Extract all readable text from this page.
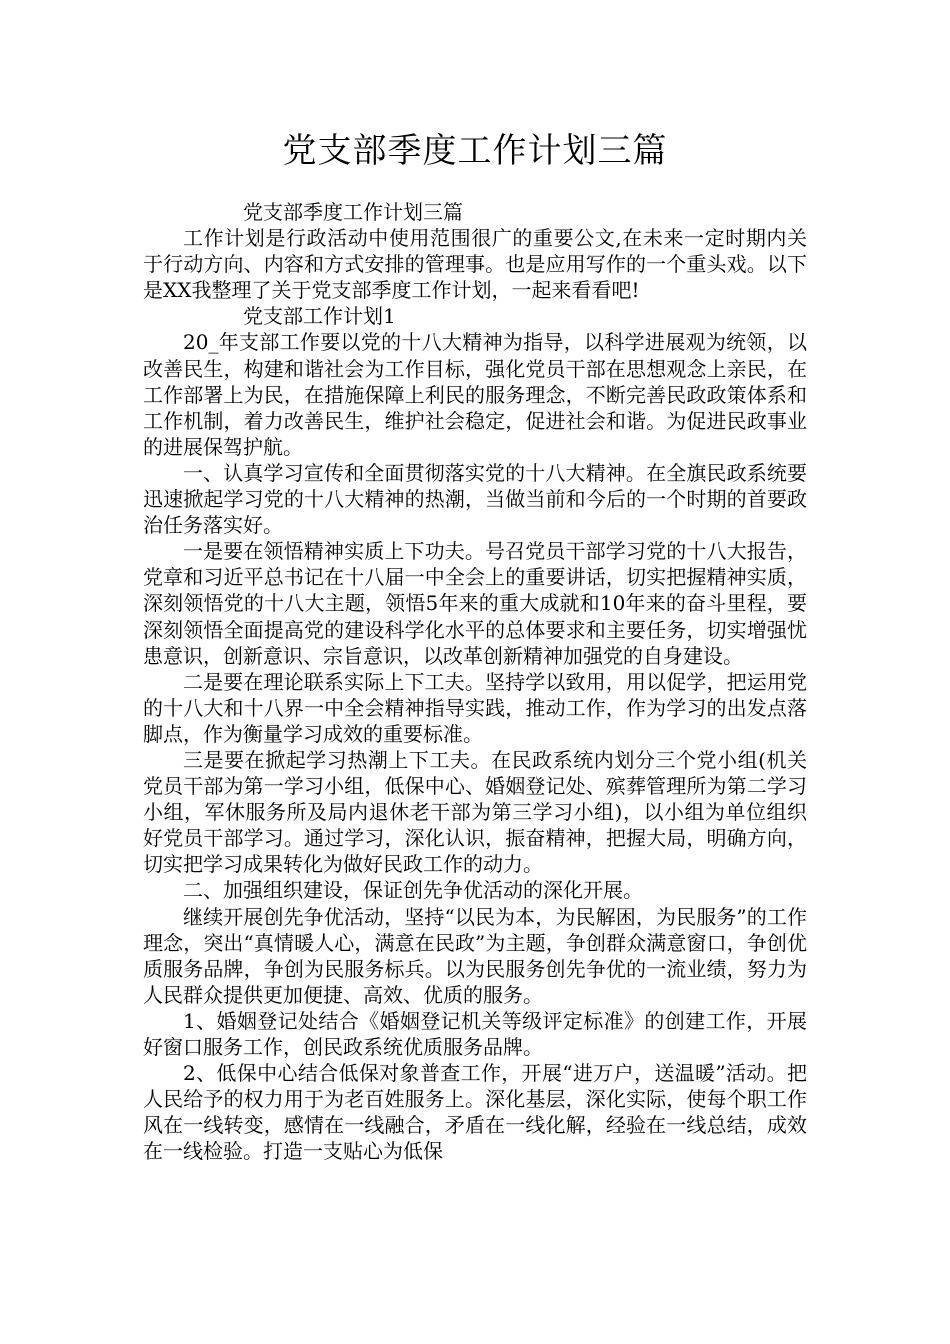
党支部季度工作计划三篇

党支部季度工作计划三篇

工作计划是行政活动中使用范围很广的重要公文,在未来一定时期内关于行动方向、内容和方式安排的管理事。也是应用写作的一个重头戏。以下是XX我整理了关于党支部季度工作计划，一起来看看吧!

党支部工作计划1

20_年支部工作要以党的十八大精神为指导，以科学进展观为统领，以改善民生，构建和谐社会为工作目标，强化党员干部在思想观念上亲民，在工作部署上为民，在措施保障上利民的服务理念，不断完善民政政策体系和工作机制，着力改善民生，维护社会稳定，促进社会和谐。为促进民政事业的进展保驾护航。

一、认真学习宣传和全面贯彻落实党的十八大精神。在全旗民政系统要迅速掀起学习党的十八大精神的热潮，当做当前和今后的一个时期的首要政治任务落实好。

一是要在领悟精神实质上下功夫。号召党员干部学习党的十八大报告，党章和习近平总书记在十八届一中全会上的重要讲话，切实把握精神实质，深刻领悟党的十八大主题，领悟5年来的重大成就和10年来的奋斗里程，要深刻领悟全面提高党的建设科学化水平的总体要求和主要任务，切实增强忧患意识，创新意识、宗旨意识，以改革创新精神加强党的自身建设。

二是要在理论联系实际上下工夫。坚持学以致用，用以促学，把运用党的十八大和十八界一中全会精神指导实践，推动工作，作为学习的出发点落脚点，作为衡量学习成效的重要标准。

三是要在掀起学习热潮上下工夫。在民政系统内划分三个党小组(机关党员干部为第一学习小组，低保中心、婚姻登记处、殡葬管理所为第二学习小组，军休服务所及局内退休老干部为第三学习小组)，以小组为单位组织好党员干部学习。通过学习，深化认识，振奋精神，把握大局，明确方向，切实把学习成果转化为做好民政工作的动力。

二、加强组织建设，保证创先争优活动的深化开展。

继续开展创先争优活动，坚持“以民为本，为民解困，为民服务”的工作理念，突出“真情暖人心，满意在民政”为主题，争创群众满意窗口，争创优质服务品牌，争创为民服务标兵。以为民服务创先争优的一流业绩，努力为人民群众提供更加便捷、高效、优质的服务。

1、婚姻登记处结合《婚姻登记机关等级评定标准》的创建工作，开展好窗口服务工作，创民政系统优质服务品牌。

2、低保中心结合低保对象普查工作，开展“进万户，送温暖”活动。把人民给予的权力用于为老百姓服务上。深化基层，深化实际，使每个职工作风在一线转变，感情在一线融合，矛盾在一线化解，经验在一线总结，成效在一线检验。打造一支贴心为低保
